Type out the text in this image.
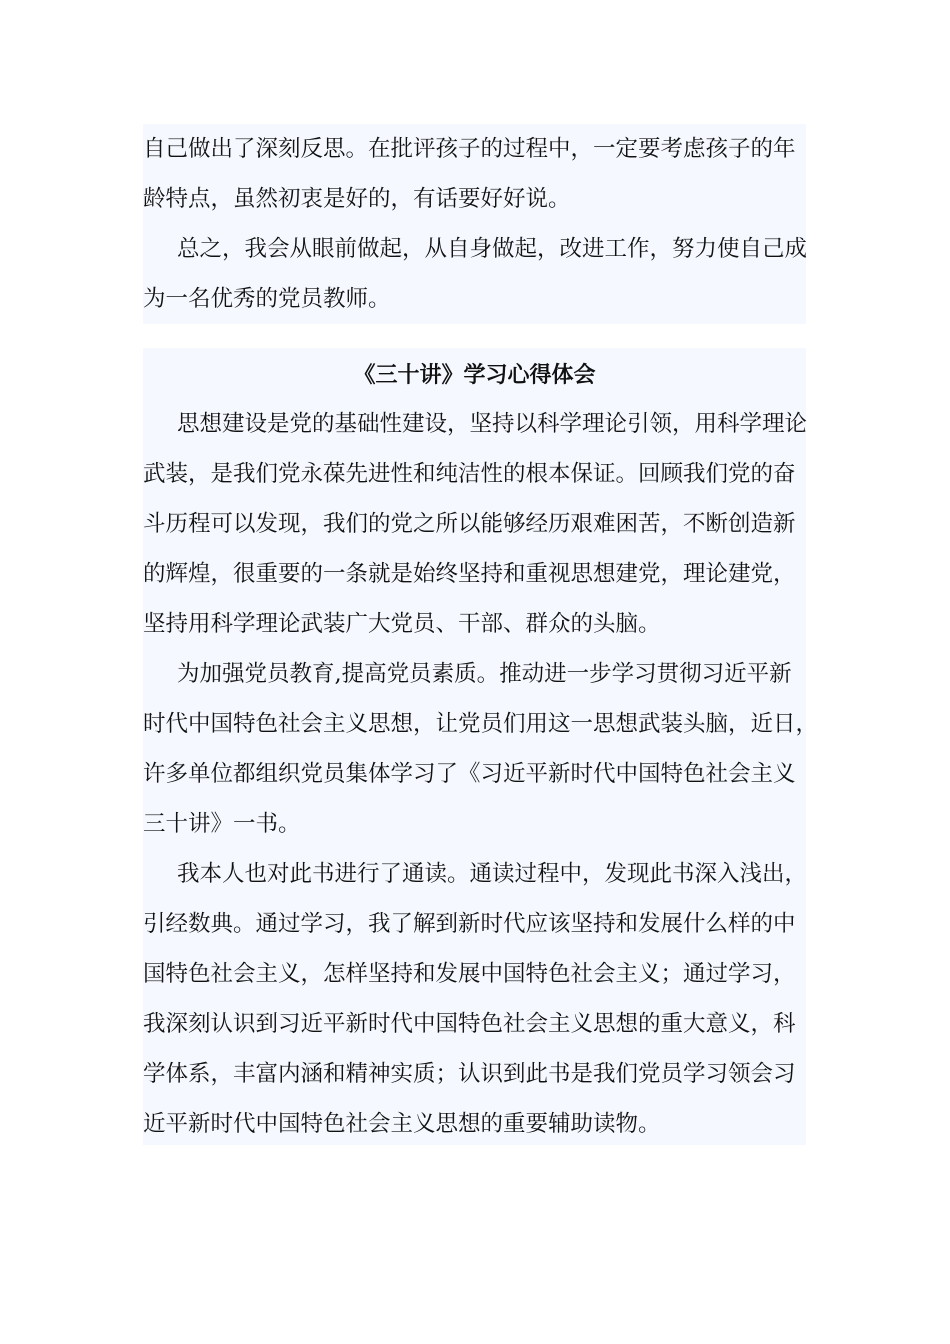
自己做出了深刻反思。在批评孩子的过程中，一定要考虑孩子的年
龄特点，虽然初衷是好的，有话要好好说。
总之，我会从眼前做起，从自身做起，改进工作，努力使自己成
为一名优秀的党员教师。
《三十讲》学习心得体会
思想建设是党的基础性建设，坚持以科学理论引领，用科学理论
武装，是我们党永葆先进性和纯洁性的根本保证。回顾我们党的奋
斗历程可以发现，我们的党之所以能够经历艰难困苦，不断创造新
的辉煌，很重要的一条就是始终坚持和重视思想建党，理论建党，
坚持用科学理论武装广大党员、干部、群众的头脑。
为加强党员教育,提高党员素质。推动进一步学习贯彻习近平新
时代中国特色社会主义思想，让党员们用这一思想武装头脑，近日，
许多单位都组织党员集体学习了《习近平新时代中国特色社会主义
三十讲》一书。
我本人也对此书进行了通读。通读过程中，发现此书深入浅出，
引经数典。通过学习，我了解到新时代应该坚持和发展什么样的中
国特色社会主义，怎样坚持和发展中国特色社会主义；通过学习，
我深刻认识到习近平新时代中国特色社会主义思想的重大意义，科
学体系，丰富内涵和精神实质；认识到此书是我们党员学习领会习
近平新时代中国特色社会主义思想的重要辅助读物。
